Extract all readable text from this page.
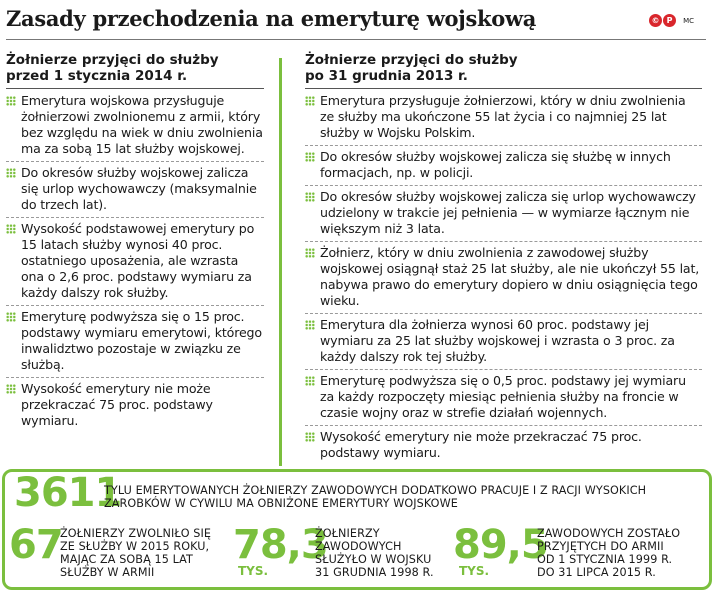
Zasady przechodzenia na emeryturę wojskową	© P	MC
Żołnierze przyjęci do służby
przed 1 stycznia 2014 r.
Emerytura wojskowa przysługuje żołnierzowi zwolnionemu z armii, który bez względu na wiek w dniu zwolnienia ma za sobą 15 lat służby wojskowej.
Do okresów służby wojskowej zalicza się urlop wychowawczy (maksymalnie do trzech lat).
Wysokość podstawowej emerytury po 15 latach służby wynosi 40 proc. ostatniego uposażenia, ale wzrasta ona o 2,6 proc. podstawy wymiaru za każdy dalszy rok służby.
Emeryturę podwyższa się o 15 proc. podstawy wymiaru emerytowi, którego inwalidztwo pozostaje w związku ze służbą.
Wysokość emerytury nie może przekraczać 75 proc. podstawy wymiaru.
Żołnierze przyjęci do służby
po 31 grudnia 2013 r.
Emerytura przysługuje żołnierzowi, który w dniu zwolnienia ze służby ma ukończone 55 lat życia i co najmniej 25 lat służby w Wojsku Polskim.
Do okresów służby wojskowej zalicza się służbę w innych formacjach, np. w policji.
Do okresów służby wojskowej zalicza się urlop wychowawczy udzielony w trakcie jej pełnienia — w wymiarze łącznym nie większym niż 3 lata.
Żołnierz, który w dniu zwolnienia z zawodowej służby wojskowej osiągnął staż 25 lat służby, ale nie ukończył 55 lat, nabywa prawo do emerytury dopiero w dniu osiągnięcia tego wieku.
Emerytura dla żołnierza wynosi 60 proc. podstawy jej wymiaru za 25 lat służby wojskowej i wzrasta o 3 proc. za każdy dalszy rok tej służby.
Emeryturę podwyższa się o 0,5 proc. podstawy jej wymiaru za każdy rozpoczęty miesiąc pełnienia służby na froncie w czasie wojny oraz w strefie działań wojennych.
Wysokość emerytury nie może przekraczać 75 proc. podstawy wymiaru.
3611
TYLU EMERYTOWANYCH ŻOŁNIERZY ZAWODOWYCH DODATKOWO PRACUJE I Z RACJI WYSOKICH
ZAROBKÓW W CYWILU MA OBNIŻONE EMERYTURY WOJSKOWE
67
ŻOŁNIERZY ZWOLNIŁO SIĘ
ZE SŁUŻBY W 2015 ROKU,
MAJĄC ZA SOBĄ 15 LAT
SŁUŻBY W ARMII
78,3
TYS.
ŻOŁNIERZY
ZAWODOWYCH
SŁUŻYŁO W WOJSKU
31 GRUDNIA 1998 R.
89,5
TYS.
ZAWODOWYCH ZOSTAŁO
PRZYJĘTYCH DO ARMII
OD 1 STYCZNIA 1999 R.
DO 31 LIPCA 2015 R.
